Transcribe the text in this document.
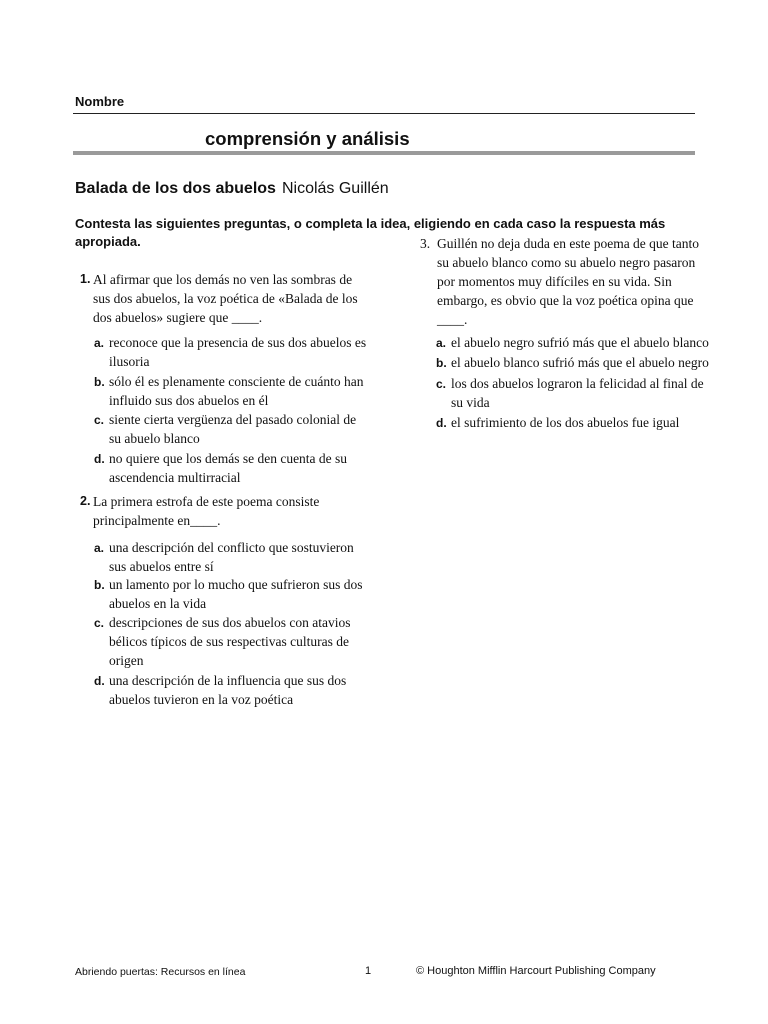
Nombre
comprensión y análisis
Balada de los dos abuelos Nicolás Guillén
Contesta las siguientes preguntas, o completa la idea, eligiendo en cada caso la respuesta más apropiada.
1. Al afirmar que los demás no ven las sombras de
sus dos abuelos, la voz poética de «Balada de los
dos abuelos» sugiere que ____.
a. reconoce que la presencia de sus dos abuelos es
ilusoria
b. sólo él es plenamente consciente de cuánto han
influido sus dos abuelos en él
c. siente cierta vergüenza del pasado colonial de
su abuelo blanco
d. no quiere que los demás se den cuenta de su
ascendencia multirracial
2. La primera estrofa de este poema consiste
principalmente en____.
a. una descripción del conflicto que sostuvieron
sus abuelos entre sí
b. un lamento por lo mucho que sufrieron sus dos
abuelos en la vida
c. descripciones de sus dos abuelos con atavios
bélicos típicos de sus respectivas culturas de
origen
d. una descripción de la influencia que sus dos
abuelos tuvieron en la voz poética
3. Guillén no deja duda en este poema de que tanto
su abuelo blanco como su abuelo negro pasaron
por momentos muy difíciles en su vida. Sin
embargo, es obvio que la voz poética opina que
____.
a. el abuelo negro sufrió más que el abuelo blanco
b. el abuelo blanco sufrió más que el abuelo negro
c. los dos abuelos lograron la felicidad al final de
su vida
d. el sufrimiento de los dos abuelos fue igual
Abriendo puertas: Recursos en línea	1	© Houghton Mifflin Harcourt Publishing Company
